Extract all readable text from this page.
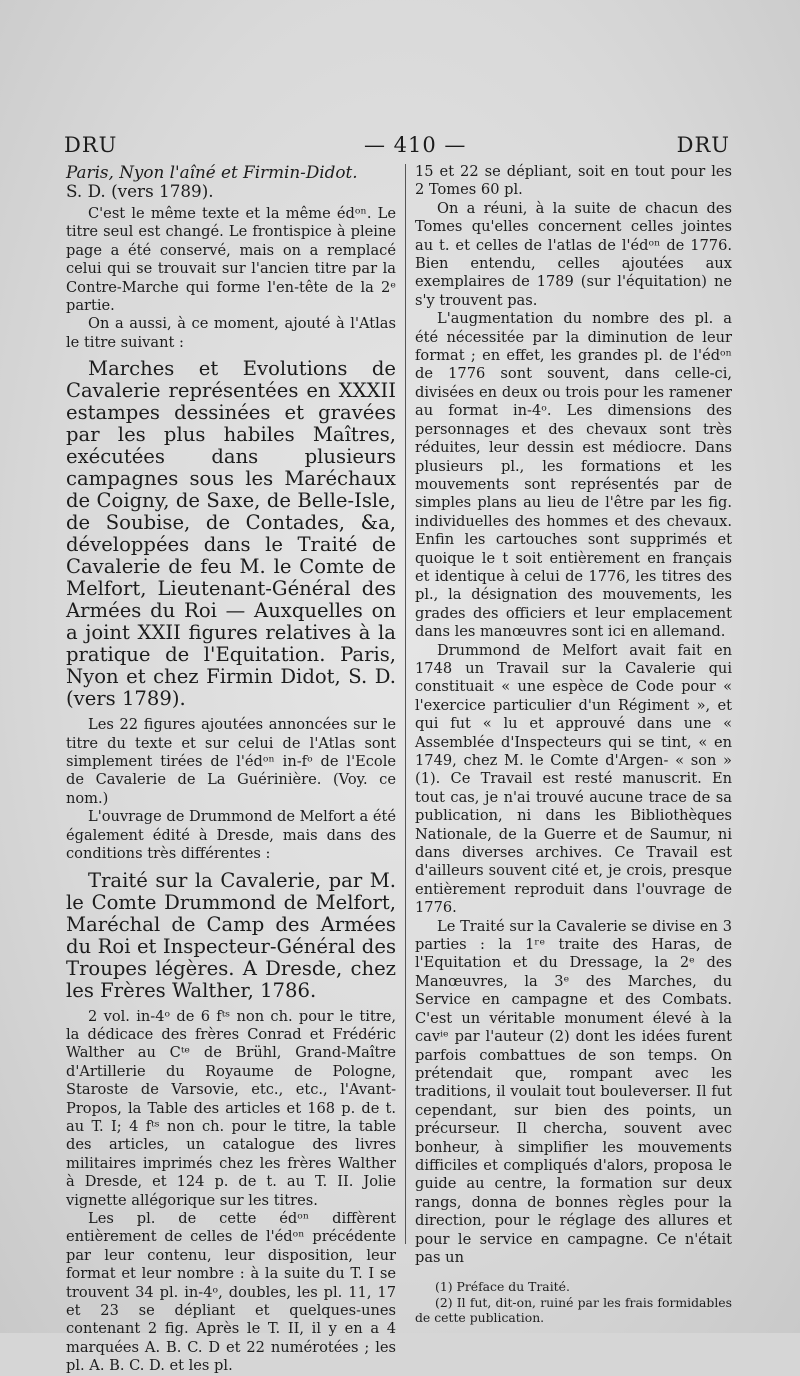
DRU	— 410 —	DRU

Paris, Nyon l'aîné et Firmin-Didot.

S. D. (vers 1789).

C'est le même texte et la même édᵒⁿ. Le titre seul est changé. Le frontispice à pleine page a été conservé, mais on a remplacé celui qui se trouvait sur l'ancien titre par la Contre-Marche qui forme l'en-tête de la 2ᵉ partie.

On a aussi, à ce moment, ajouté à l'Atlas le titre suivant :

Marches et Evolutions de Cavalerie représentées en XXXII estampes dessinées et gravées par les plus habiles Maîtres, exécutées dans plusieurs campagnes sous les Maréchaux de Coigny, de Saxe, de Belle-Isle, de Soubise, de Contades, &a, développées dans le Traité de Cavalerie de feu M. le Comte de Melfort, Lieutenant-Général des Armées du Roi — Auxquelles on a joint XXII figures relatives à la pratique de l'Equitation. Paris, Nyon et chez Firmin Didot, S. D. (vers 1789).

Les 22 figures ajoutées annoncées sur le titre du texte et sur celui de l'Atlas sont simplement tirées de l'édᵒⁿ in-fᵒ de l'Ecole de Cavalerie de La Guérinière. (Voy. ce nom.)

L'ouvrage de Drummond de Melfort a été également édité à Dresde, mais dans des conditions très différentes :

Traité sur la Cavalerie, par M. le Comte Drummond de Melfort, Maréchal de Camp des Armées du Roi et Inspecteur-Général des Troupes légères. A Dresde, chez les Frères Walther, 1786.

2 vol. in-4ᵒ de 6 fᵗˢ non ch. pour le titre, la dédicace des frères Conrad et Frédéric Walther au Cᵗᵉ de Brühl, Grand-Maître d'Artillerie du Royaume de Pologne, Staroste de Varsovie, etc., etc., l'Avant-Propos, la Table des articles et 168 p. de t. au T. I; 4 fᵗˢ non ch. pour le titre, la table des articles, un catalogue des livres militaires imprimés chez les frères Walther à Dresde, et 124 p. de t. au T. II. Jolie vignette allégorique sur les titres.

Les pl. de cette édᵒⁿ diffèrent entièrement de celles de l'édᵒⁿ précédente par leur contenu, leur disposition, leur format et leur nombre : à la suite du T. I se trouvent 34 pl. in-4ᵒ, doubles, les pl. 11, 17 et 23 se dépliant et quelques-unes contenant 2 fig. Après le T. II, il y en a 4 marquées A. B. C. D et 22 numérotées ; les pl. A. B. C. D. et les pl.

15 et 22 se dépliant, soit en tout pour les 2 Tomes 60 pl.

On a réuni, à la suite de chacun des Tomes qu'elles concernent celles jointes au t. et celles de l'atlas de l'édᵒⁿ de 1776. Bien entendu, celles ajoutées aux exemplaires de 1789 (sur l'équitation) ne s'y trouvent pas.

L'augmentation du nombre des pl. a été nécessitée par la diminution de leur format ; en effet, les grandes pl. de l'édᵒⁿ de 1776 sont souvent, dans celle-ci, divisées en deux ou trois pour les ramener au format in-4ᵒ. Les dimensions des personnages et des chevaux sont très réduites, leur dessin est médiocre. Dans plusieurs pl., les formations et les mouvements sont représentés par de simples plans au lieu de l'être par les fig. individuelles des hommes et des chevaux. Enfin les cartouches sont supprimés et quoique le t soit entièrement en français et identique à celui de 1776, les titres des pl., la désignation des mouvements, les grades des officiers et leur emplacement dans les manœuvres sont ici en allemand.

Drummond de Melfort avait fait en 1748 un Travail sur la Cavalerie qui constituait « une espèce de Code pour « l'exercice particulier d'un Régiment », et qui fut « lu et approuvé dans une « Assemblée d'Inspecteurs qui se tint, « en 1749, chez M. le Comte d'Argen- « son » (1). Ce Travail est resté manuscrit. En tout cas, je n'ai trouvé aucune trace de sa publication, ni dans les Bibliothèques Nationale, de la Guerre et de Saumur, ni dans diverses archives. Ce Travail est d'ailleurs souvent cité et, je crois, presque entièrement reproduit dans l'ouvrage de 1776.

Le Traité sur la Cavalerie se divise en 3 parties : la 1ʳᵉ traite des Haras, de l'Equitation et du Dressage, la 2ᵉ des Manœuvres, la 3ᵉ des Marches, du Service en campagne et des Combats. C'est un véritable monument élevé à la cavⁱᵉ par l'auteur (2) dont les idées furent parfois combattues de son temps. On prétendait que, rompant avec les traditions, il voulait tout bouleverser. Il fut cependant, sur bien des points, un précurseur. Il chercha, souvent avec bonheur, à simplifier les mouvements difficiles et compliqués d'alors, proposa le guide au centre, la formation sur deux rangs, donna de bonnes règles pour la direction, pour le réglage des allures et pour le service en campagne. Ce n'était pas un

(1) Préface du Traité.

(2) Il fut, dit-on, ruiné par les frais formidables de cette publication.
